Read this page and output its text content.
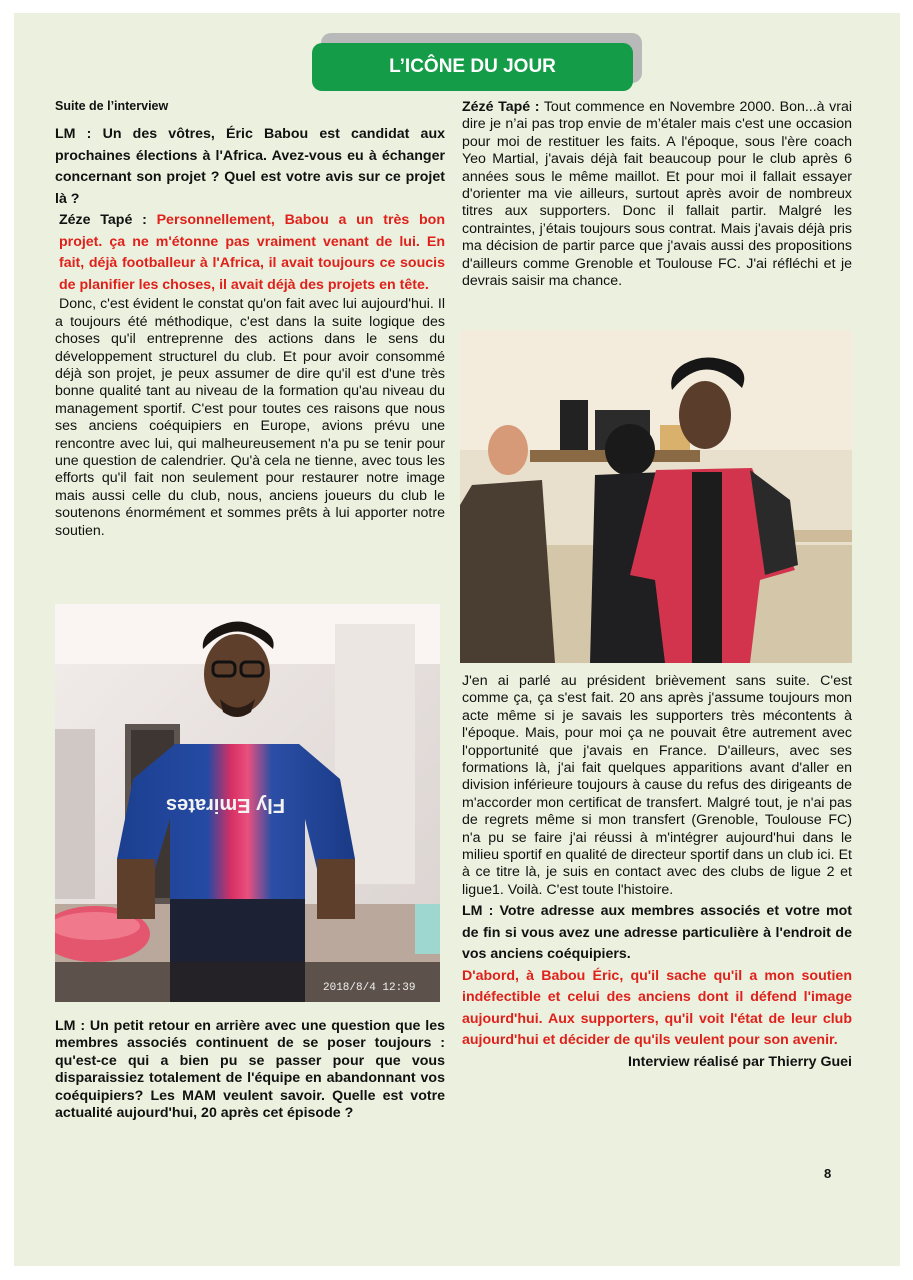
L’ICÔNE DU JOUR

Suite de l’interview

LM : Un des vôtres, Éric Babou est candidat aux prochaines élections à l'Africa. Avez-vous eu à échanger concernant son projet ? Quel est votre avis sur ce projet là ?

Zéze Tapé : Personnellement, Babou a un très bon projet. ça ne m'étonne pas vraiment venant de lui. En fait, déjà footballeur à l'Africa, il avait toujours ce soucis de planifier les choses, il avait déjà des projets en tête.

Donc, c'est évident le constat qu'on fait avec lui aujourd'hui. Il a toujours été méthodique, c'est dans la suite logique des choses qu'il entreprenne des actions dans le sens du développement structurel du club. Et pour avoir consommé déjà son projet, je peux assumer de dire qu'il est d'une très bonne qualité tant au niveau de la formation qu'au niveau du management sportif. C'est pour toutes ces raisons que nous ses anciens coéquipiers en Europe, avions prévu une rencontre avec lui, qui malheureusement n'a pu se tenir pour une question de calendrier. Qu'à cela ne tienne, avec tous les efforts qu'il fait non seulement pour restaurer notre image mais aussi celle du club, nous, anciens joueurs du club le soutenons énormément et sommes prêts à lui apporter notre soutien.

Fly Emirates
2018/8/4 12:39

LM : Un petit retour en arrière avec une question que les membres associés continuent de se poser toujours : qu'est-ce qui a bien pu se passer pour que vous disparaissiez totalement de l'équipe en abandonnant vos coéquipiers? Les MAM veulent savoir. Quelle est votre actualité aujourd'hui, 20 après cet épisode ?

Zézé Tapé : Tout commence en Novembre 2000. Bon...à vrai dire je n’ai pas trop envie de m’étaler mais c'est une occasion pour moi de restituer les faits. A l'époque, sous l'ère coach Yeo Martial, j'avais déjà fait beaucoup pour le club après 6 années sous le même maillot. Et pour moi il fallait essayer d'orienter ma vie ailleurs, surtout après avoir de nombreux titres aux supporters. Donc il fallait partir. Malgré les contraintes, j’étais toujours sous contrat. Mais j'avais déjà pris ma décision de partir parce que j'avais aussi des propositions d'ailleurs comme Grenoble et Toulouse FC. J'ai réfléchi et je devrais saisir ma chance.

J'en ai parlé au président brièvement sans suite. C'est comme ça, ça s'est fait. 20 ans après j'assume toujours mon acte même si je savais les supporters très mécontents à l'époque. Mais, pour moi ça ne pouvait être autrement avec l'opportunité que j'avais en France. D'ailleurs, avec ses formations là, j'ai fait quelques apparitions avant d'aller en division inférieure toujours à cause du refus des dirigeants de m'accorder mon certificat de transfert. Malgré tout, je n'ai pas de regrets même si mon transfert (Grenoble, Toulouse FC) n'a pu se faire j'ai réussi à m'intégrer aujourd'hui dans le milieu sportif en qualité de directeur sportif dans un club ici. Et à ce titre là, je suis en contact avec des clubs de ligue 2 et ligue1. Voilà. C'est toute l'histoire.

LM : Votre adresse aux membres associés et votre mot de fin si vous avez une adresse particulière à l'endroit de vos anciens coéquipiers.

D'abord, à Babou Éric, qu'il sache qu'il a mon soutien indéfectible et celui des anciens dont il défend l'image aujourd'hui. Aux supporters, qu'il voit l'état de leur club aujourd'hui et décider de qu'ils veulent pour son avenir.

Interview réalisé par Thierry Guei

8
